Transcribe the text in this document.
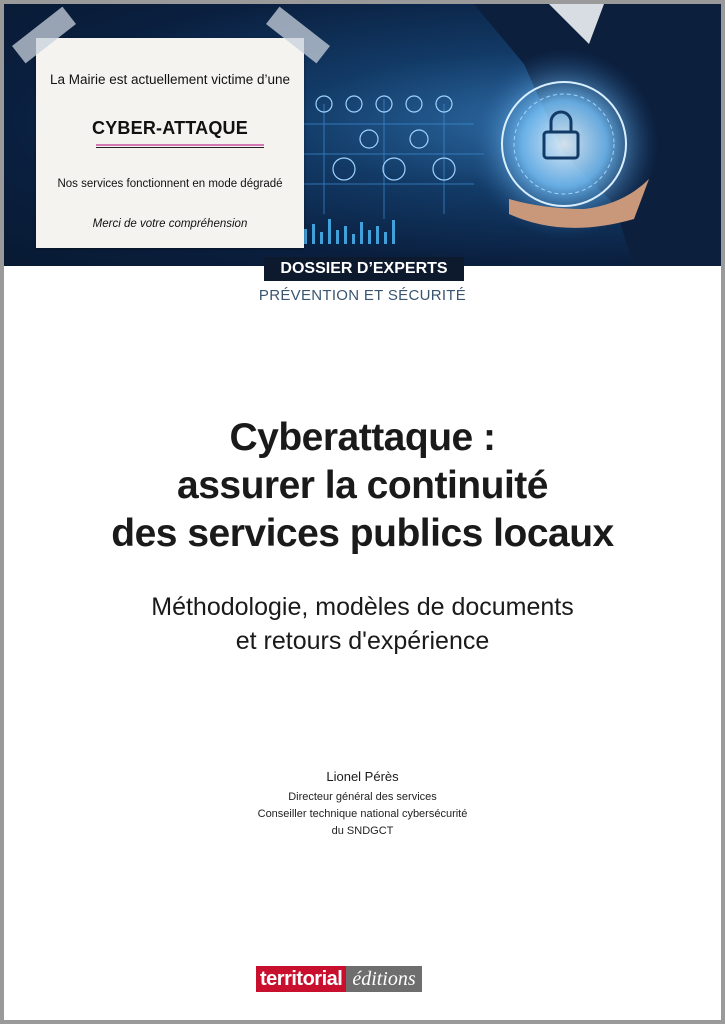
La Mairie est actuellement victime d’une
CYBER-ATTAQUE
Nos services fonctionnent en mode dégradé
Merci de votre compréhension
DOSSIER D’EXPERTS
PRÉVENTION ET SÉCURITÉ
Cyberattaque :
assurer la continuité
des services publics locaux
Méthodologie, modèles de documents
et retours d'expérience
Lionel Pérès
Directeur général des services
Conseiller technique national cybersécurité
du SNDGCT
territorial éditions
